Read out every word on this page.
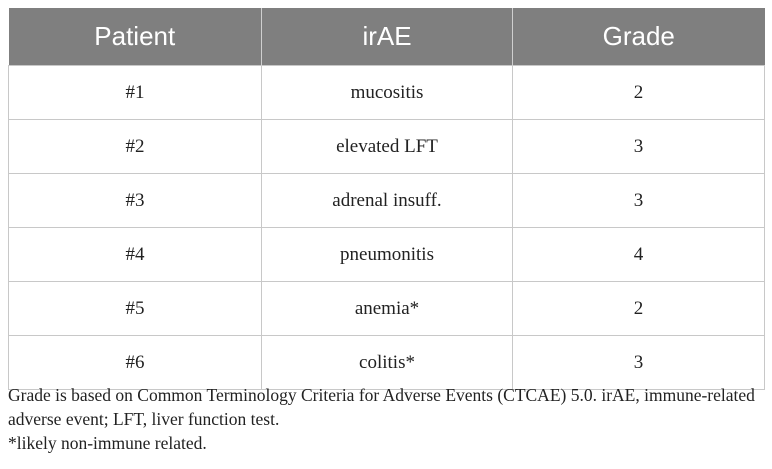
Patient	irAE	Grade
#1	mucositis	2
#2	elevated LFT	3
#3	adrenal insuff.	3
#4	pneumonitis	4
#5	anemia*	2
#6	colitis*	3

Grade is based on Common Terminology Criteria for Adverse Events (CTCAE) 5.0. irAE, immune-related adverse event; LFT, liver function test.

*likely non-immune related.
